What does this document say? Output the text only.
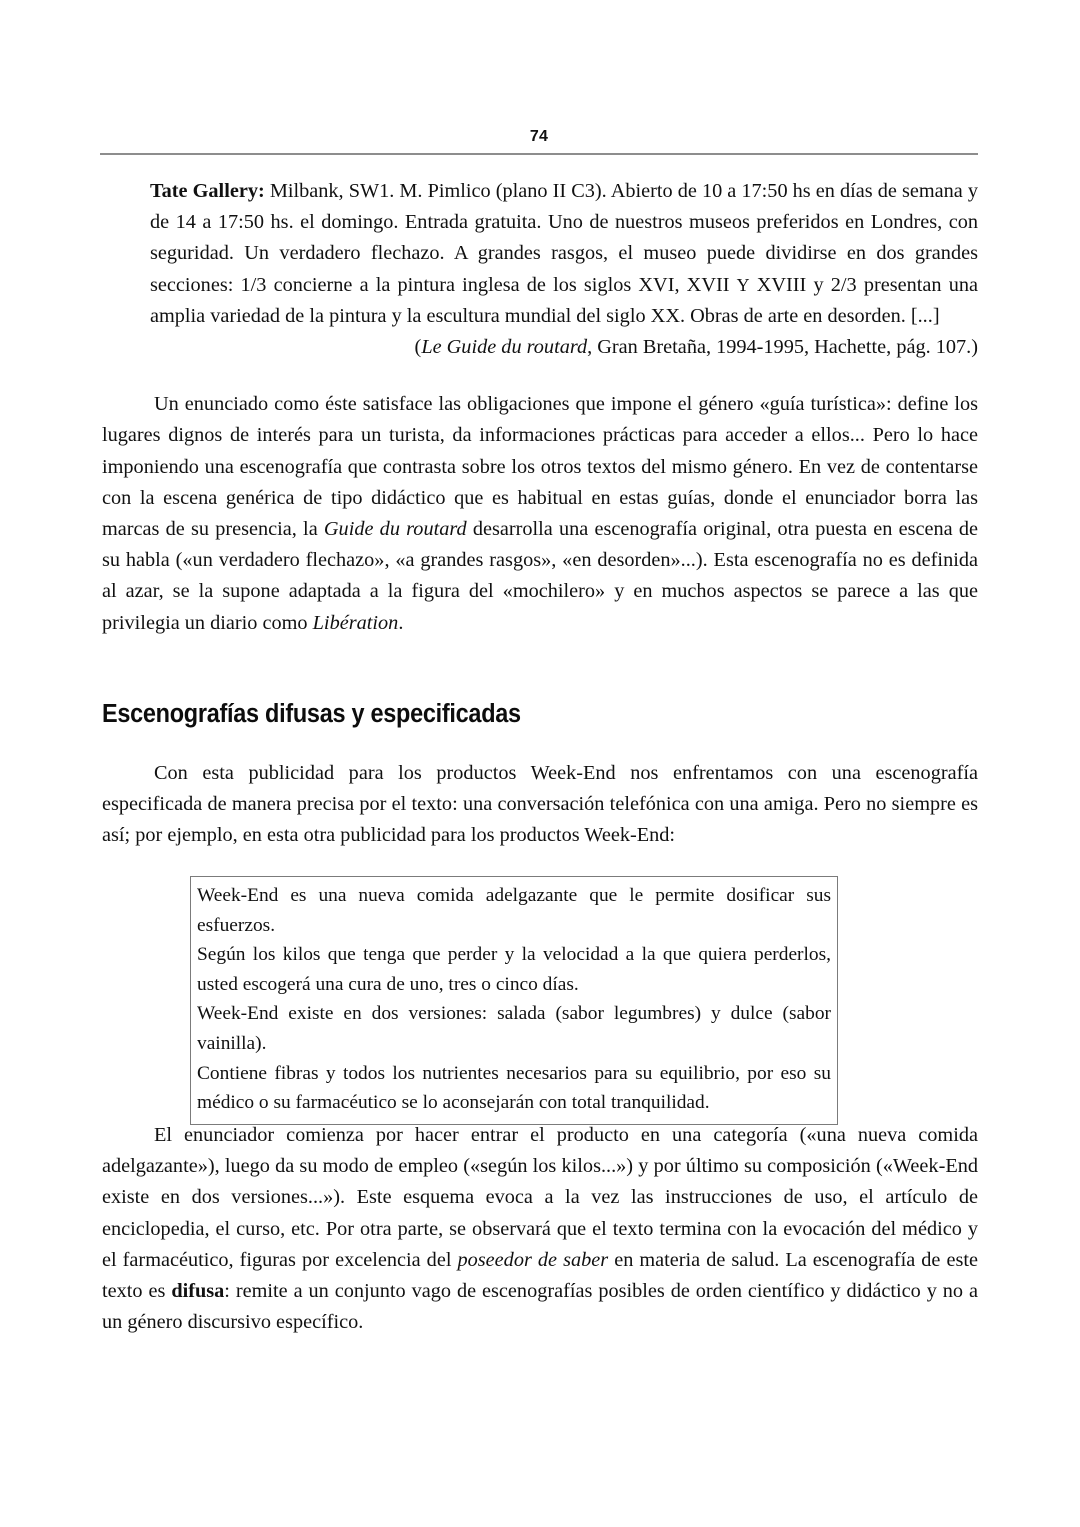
74

Tate Gallery: Milbank, SW1. M. Pimlico (plano II C3). Abierto de 10 a 17:50 hs en días de semana y de 14 a 17:50 hs. el domingo. Entrada gratuita. Uno de nuestros museos preferidos en Londres, con seguridad. Un verdadero flechazo. A grandes rasgos, el museo puede dividirse en dos grandes secciones: 1/3 concierne a la pintura inglesa de los siglos XVI, XVII Y XVIII y 2/3 presentan una amplia variedad de la pintura y la escultura mundial del siglo XX. Obras de arte en desorden. [...]

(Le Guide du routard, Gran Bretaña, 1994-1995, Hachette, pág. 107.)

Un enunciado como éste satisface las obligaciones que impone el género «guía turística»: define los lugares dignos de interés para un turista, da informaciones prácticas para acceder a ellos... Pero lo hace imponiendo una escenografía que contrasta sobre los otros textos del mismo género. En vez de contentarse con la escena genérica de tipo didáctico que es habitual en estas guías, donde el enunciador borra las marcas de su presencia, la Guide du routard desarrolla una escenografía original, otra puesta en escena de su habla («un verdadero flechazo», «a grandes rasgos», «en desorden»...). Esta escenografía no es definida al azar, se la supone adaptada a la figura del «mochilero» y en muchos aspectos se parece a las que privilegia un diario como Libération.

Escenografías difusas y especificadas

Con esta publicidad para los productos Week-End nos enfrentamos con una escenografía especificada de manera precisa por el texto: una conversación telefónica con una amiga. Pero no siempre es así; por ejemplo, en esta otra publicidad para los productos Week-End:

Week-End es una nueva comida adelgazante que le permite dosificar sus esfuerzos.

Según los kilos que tenga que perder y la velocidad a la que quiera perderlos, usted escogerá una cura de uno, tres o cinco días.

Week-End existe en dos versiones: salada (sabor legumbres) y dulce (sabor vainilla).

Contiene fibras y todos los nutrientes necesarios para su equilibrio, por eso su médico o su farmacéutico se lo aconsejarán con total tranquilidad.

El enunciador comienza por hacer entrar el producto en una categoría («una nueva comida adelgazante»), luego da su modo de empleo («según los kilos...») y por último su composición («Week-End existe en dos versiones...»). Este esquema evoca a la vez las instrucciones de uso, el artículo de enciclopedia, el curso, etc. Por otra parte, se observará que el texto termina con la evocación del médico y el farmacéutico, figuras por excelencia del poseedor de saber en materia de salud. La escenografía de este texto es difusa: remite a un conjunto vago de escenografías posibles de orden científico y didáctico y no a un género discursivo específico.
